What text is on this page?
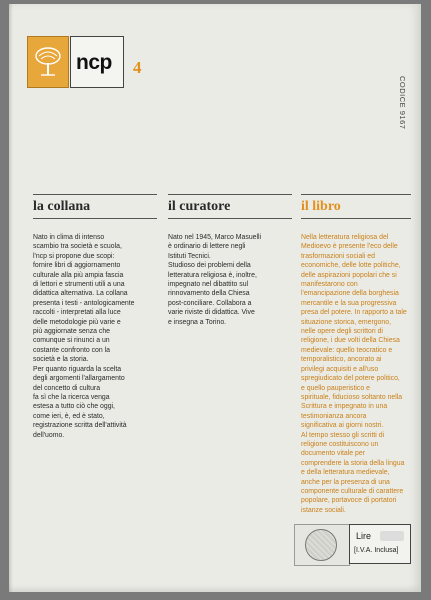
ncp 4
CODICE 9167
la collana
Nato in clima di intenso
scambio tra società e scuola,
l'ncp si propone due scopi:
fornire libri di aggiornamento
culturale alla più ampia fascia
di lettori e strumenti utili a una
didattica alternativa. La collana
presenta i testi - antologicamente
raccolti - interpretati alla luce
delle metodologie più varie e
più aggiornate senza che
comunque si rinunci a un
costante confronto con la
società e la storia.
Per quanto riguarda la scelta
degli argomenti l'allargamento
del concetto di cultura
fa sì che la ricerca venga
estesa a tutto ciò che oggi,
come ieri, è, ed è stato,
registrazione scritta dell'attività
dell'uomo.
il curatore
Nato nel 1945, Marco Masuelli
è ordinario di lettere negli
Istituti Tecnici.
Studioso dei problemi della
letteratura religiosa è, inoltre,
impegnato nel dibattito sul
rinnovamento della Chiesa
post-conciliare. Collabora a
varie riviste di didattica. Vive
e insegna a Torino.
il libro
Nella letteratura religiosa del
Medioevo è presente l'eco delle
trasformazioni sociali ed
economiche, delle lotte politiche,
delle aspirazioni popolari che si
manifestarono con
l'emancipazione della borghesia
mercantile e la sua progressiva
presa del potere. In rapporto a tale
situazione storica, emergono,
nelle opere degli scrittori di
religione, i due volti della Chiesa
medievale: quello teocratico e
temporalistico, ancorato ai
privilegi acquisiti e all'uso
spregiudicato del potere politico,
e quello pauperistico e
spirituale, fiducioso soltanto nella
Scrittura e impegnato in una
testimonianza ancora
significativa ai giorni nostri.
Al tempo stesso gli scritti di
religione costituiscono un
documento vitale per
comprendere la storia della lingua
e della letteratura medievale,
anche per la presenza di una
componente culturale di carattere
popolare, portavoce di portatori
istanze sociali.
Lire
[I.V.A. Inclusa]
